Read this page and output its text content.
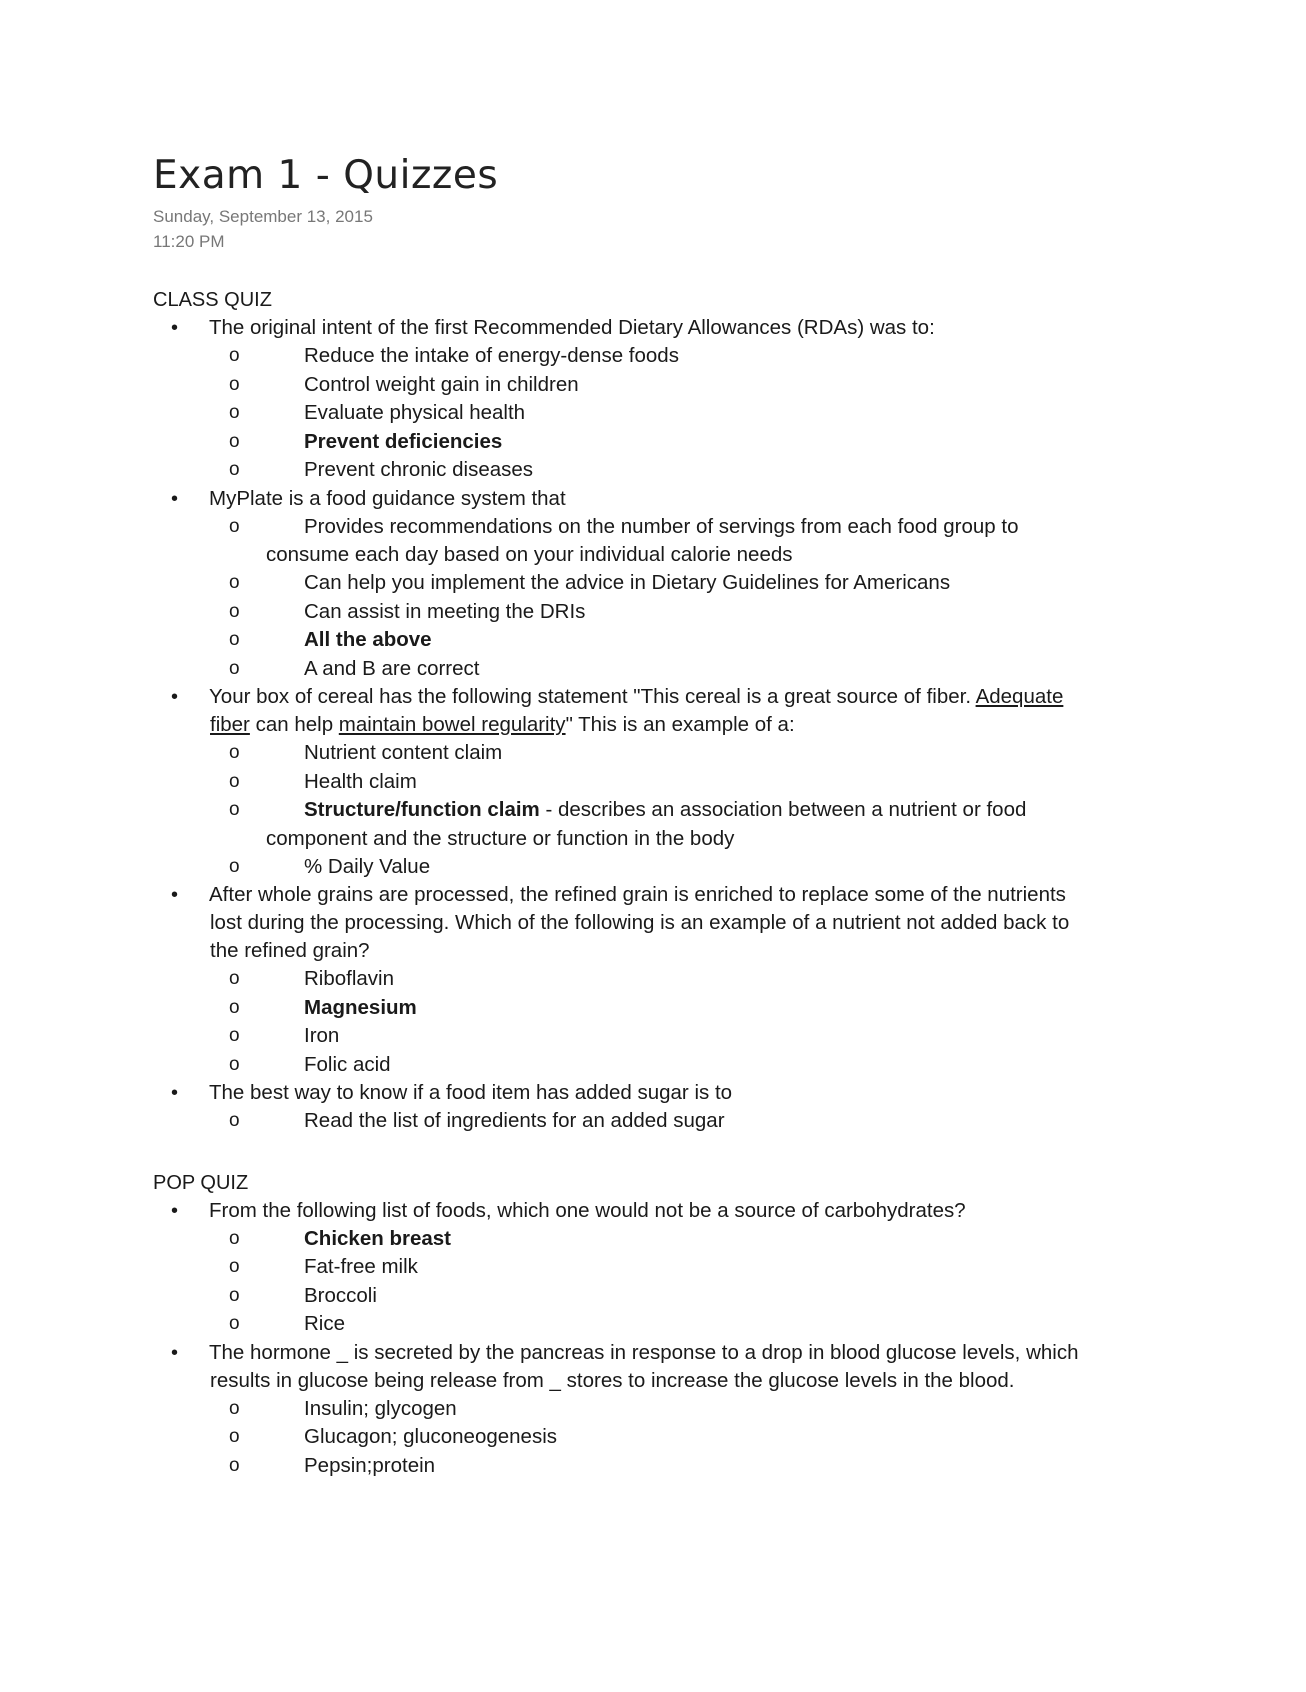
Exam 1 - Quizzes
Sunday, September 13, 2015
11:20 PM
CLASS QUIZ
• The original intent of the first Recommended Dietary Allowances (RDAs) was to:
o	Reduce the intake of energy-dense foods
o	Control weight gain in children
o	Evaluate physical health
o	Prevent deficiencies
o	Prevent chronic diseases
• MyPlate is a food guidance system that
o	Provides recommendations on the number of servings from each food group to
consume each day based on your individual calorie needs
o	Can help you implement the advice in Dietary Guidelines for Americans
o	Can assist in meeting the DRIs
o	All the above
o	A and B are correct
• Your box of cereal has the following statement "This cereal is a great source of fiber. Adequate
fiber can help maintain bowel regularity" This is an example of a:
o	Nutrient content claim
o	Health claim
o	Structure/function claim - describes an association between a nutrient or food
component and the structure or function in the body
o	% Daily Value
• After whole grains are processed, the refined grain is enriched to replace some of the nutrients
lost during the processing. Which of the following is an example of a nutrient not added back to
the refined grain?
o	Riboflavin
o	Magnesium
o	Iron
o	Folic acid
• The best way to know if a food item has added sugar is to
o	Read the list of ingredients for an added sugar
POP QUIZ
• From the following list of foods, which one would not be a source of carbohydrates?
o	Chicken breast
o	Fat-free milk
o	Broccoli
o	Rice
• The hormone _ is secreted by the pancreas in response to a drop in blood glucose levels, which
results in glucose being release from _ stores to increase the glucose levels in the blood.
o	Insulin; glycogen
o	Glucagon; gluconeogenesis
o	Pepsin;protein
